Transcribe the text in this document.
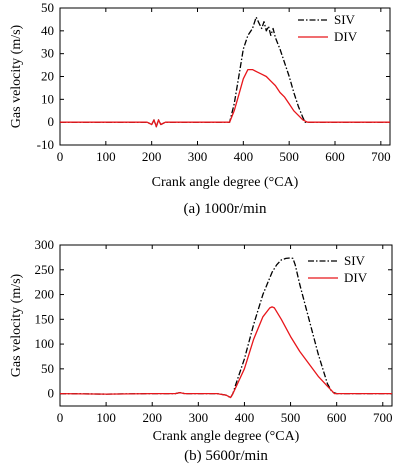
0	100 200 300 400 500 600 700
-10
0
10
20
30
40
50
Crank angle degree (°CA)
Gas velocity (m/s)
(a) 1000r/min
SIV
DIV
0	100 200 300 400 500 600 700
0
50
100
150
200
250
300
Crank angle degree (°CA)
Gas velocity (m/s)
(b) 5600r/min
SIV
DIV
